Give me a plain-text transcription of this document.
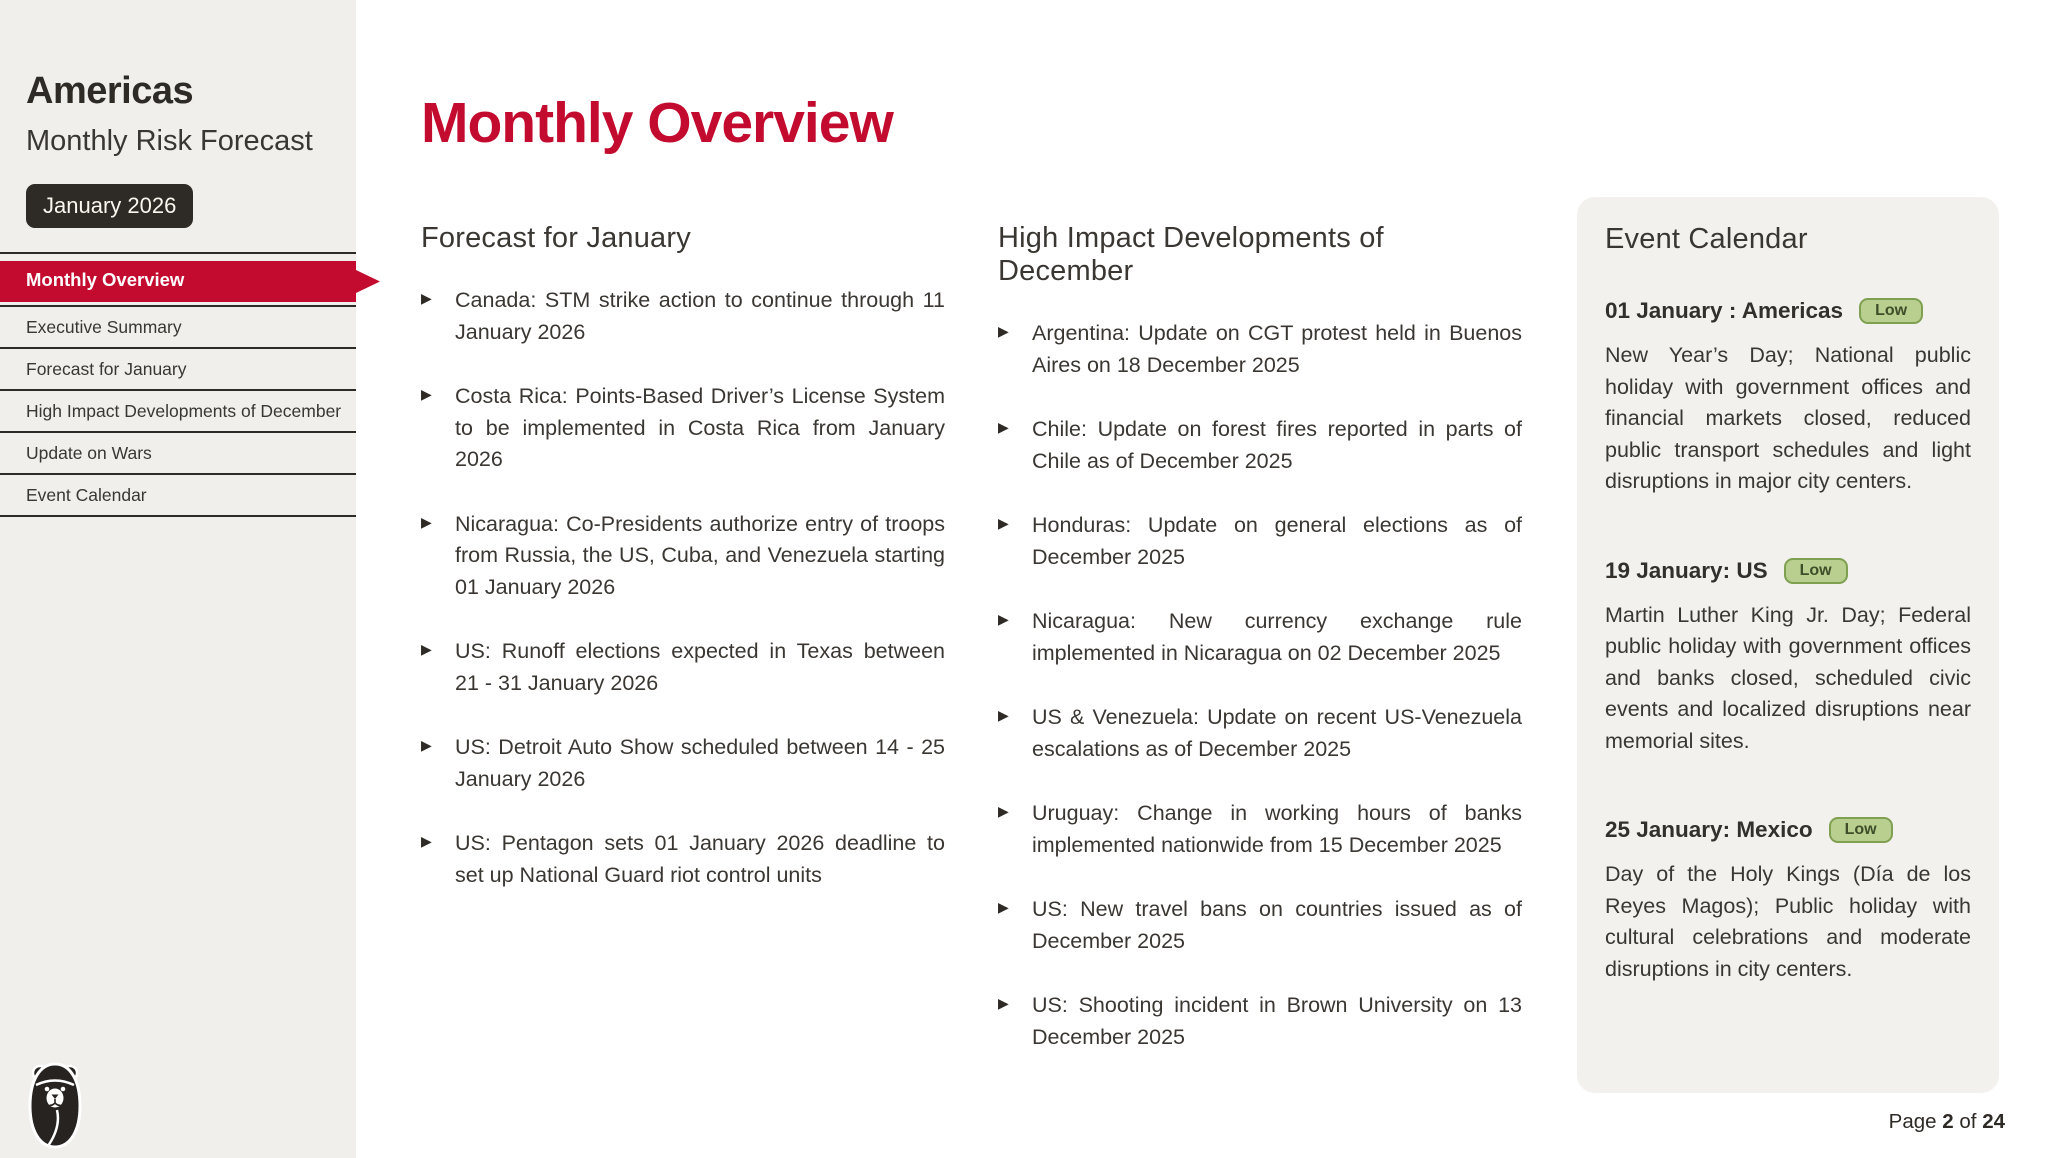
Americas
Monthly Risk Forecast
January 2026
Monthly Overview
Executive Summary
Forecast for January
High Impact Developments of December
Update on Wars
Event Calendar
Monthly Overview
Forecast for January
▶	Canada: STM strike action to continue through 11 January 2026
▶	Costa Rica: Points-Based Driver’s License System to be implemented in Costa Rica from January 2026
▶	Nicaragua: Co-Presidents authorize entry of troops from Russia, the US, Cuba, and Venezuela starting 01 January 2026
▶	US: Runoff elections expected in Texas between 21 - 31 January 2026
▶	US: Detroit Auto Show scheduled between 14 - 25 January 2026
▶	US: Pentagon sets 01 January 2026 deadline to set up National Guard riot control units
High Impact Developments of December
▶	Argentina: Update on CGT protest held in Buenos Aires on 18 December 2025
▶	Chile: Update on forest fires reported in parts of Chile as of December 2025
▶	Honduras: Update on general elections as of December 2025
▶	Nicaragua: New currency exchange rule implemented in Nicaragua on 02 December 2025
▶	US & Venezuela: Update on recent US-Venezuela escalations as of December 2025
▶	Uruguay: Change in working hours of banks implemented nationwide from 15 December 2025
▶	US: New travel bans on countries issued as of December 2025
▶	US: Shooting incident in Brown University on 13 December 2025
Event Calendar
01 January : Americas	Low

New Year’s Day; National public holiday with government offices and financial markets closed, reduced public transport schedules and light disruptions in major city centers.

19 January: US	Low

Martin Luther King Jr. Day; Federal public holiday with government offices and banks closed, scheduled civic events and localized disruptions near memorial sites.

25 January: Mexico	Low

Day of the Holy Kings (Día de los Reyes Magos); Public holiday with cultural celebrations and moderate disruptions in city centers.

Page 2 of 24
